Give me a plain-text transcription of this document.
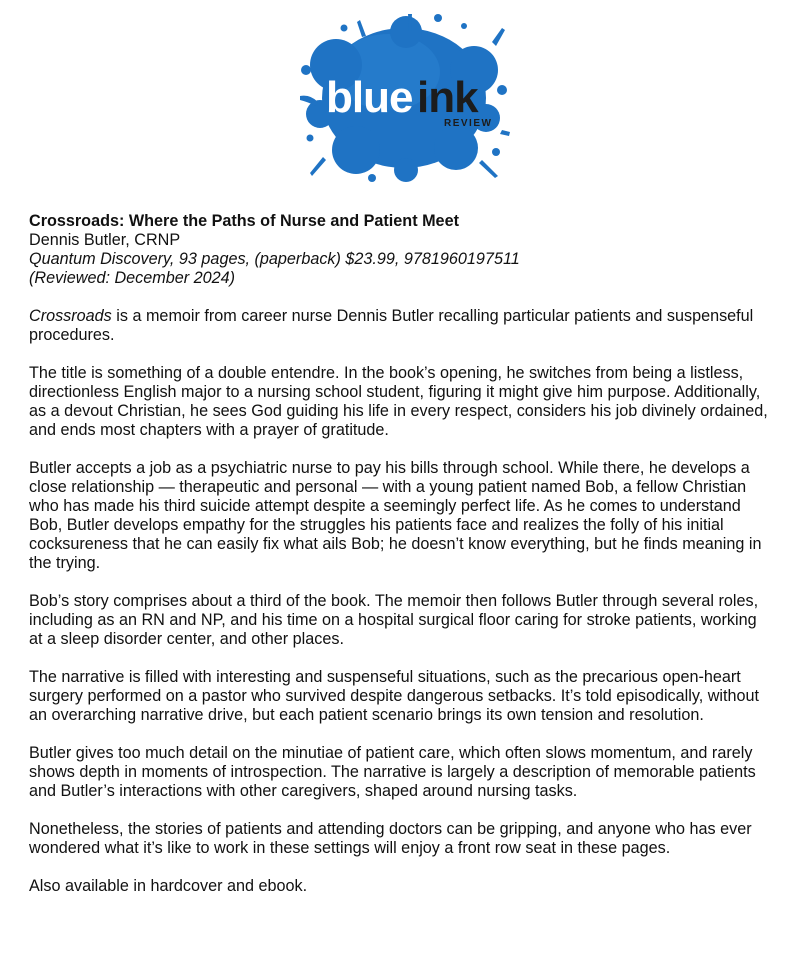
blue ink
REVIEW
Crossroads: Where the Paths of Nurse and Patient Meet
Dennis Butler, CRNP
Quantum Discovery, 93 pages, (paperback) $23.99, 9781960197511
(Reviewed: December 2024)

Crossroads is a memoir from career nurse Dennis Butler recalling particular patients and suspenseful procedures.

The title is something of a double entendre. In the book’s opening, he switches from being a listless, directionless English major to a nursing school student, figuring it might give him purpose. Additionally, as a devout Christian, he sees God guiding his life in every respect, considers his job divinely ordained, and ends most chapters with a prayer of gratitude.

Butler accepts a job as a psychiatric nurse to pay his bills through school. While there, he develops a close relationship — therapeutic and personal — with a young patient named Bob, a fellow Christian who has made his third suicide attempt despite a seemingly perfect life. As he comes to understand Bob, Butler develops empathy for the struggles his patients face and realizes the folly of his initial cocksureness that he can easily fix what ails Bob; he doesn’t know everything, but he finds meaning in the trying.

Bob’s story comprises about a third of the book. The memoir then follows Butler through several roles, including as an RN and NP, and his time on a hospital surgical floor caring for stroke patients, working at a sleep disorder center, and other places.

The narrative is filled with interesting and suspenseful situations, such as the precarious open-heart surgery performed on a pastor who survived despite dangerous setbacks. It’s told episodically, without an overarching narrative drive, but each patient scenario brings its own tension and resolution.

Butler gives too much detail on the minutiae of patient care, which often slows momentum, and rarely shows depth in moments of introspection. The narrative is largely a description of memorable patients and Butler’s interactions with other caregivers, shaped around nursing tasks.

Nonetheless, the stories of patients and attending doctors can be gripping, and anyone who has ever wondered what it’s like to work in these settings will enjoy a front row seat in these pages.

Also available in hardcover and ebook.
